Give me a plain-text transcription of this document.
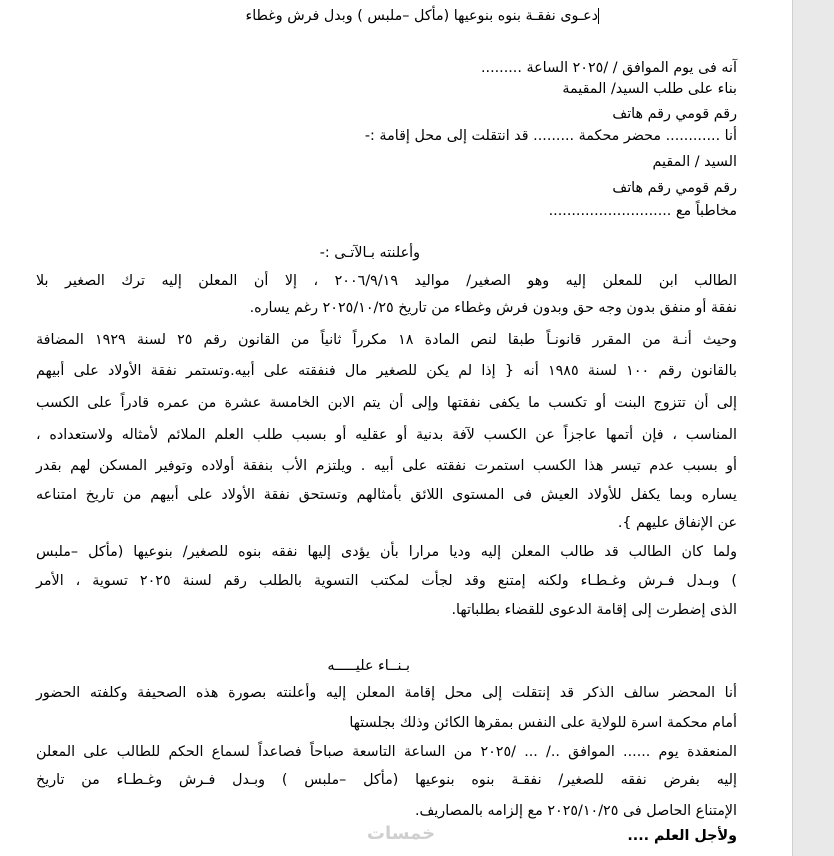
دعـوى نفقـة بنوه بنوعيها (مأكل –ملبس ) وبدل فرش وغطاء

آنه فى يوم الموافق / /٢٠٢٥ الساعة .........

بناء على طلب السيد/ المقيمة

رقم قومي رقم هاتف

أنا ............ محضر محكمة ......... قد انتقلت إلى محل إقامة :-

السيد / المقيم

رقم قومي رقم هاتف

مخاطباً مع ...........................

وأعلنته بـالآتـى :-

الطالب ابن للمعلن إليه وهو الصغير/ مواليد ٢٠٠٦/٩/١٩ ، إلا أن المعلن إليه ترك الصغير بلا

نفقة أو منفق بدون وجه حق وبدون فرش وغطاء من تاريخ ٢٠٢٥/١٠/٢٥ رغم يساره.

وحيث أنـة من المقرر قانونـاً طبقا لنص المادة ١٨ مكرراً ثانياً من القانون رقم ٢٥ لسنة ١٩٢٩ المضافة

بالقانون رقم ١٠٠ لسنة ١٩٨٥ أنه { إذا لم يكن للصغير مال فنفقته على أبيه.وتستمر نفقة الأولاد على أبيهم

إلى أن تتزوج البنت أو تكسب ما يكفى نفقتها وإلى أن يتم الابن الخامسة عشرة من عمره قادراً على الكسب

المناسب ، فإن أتمها عاجزاً عن الكسب لآفة بدنية أو عقليه أو بسبب طلب العلم الملائم لأمثاله ولاستعداده ،

أو بسبب عدم تيسر هذا الكسب استمرت نفقته على أبيه . ويلتزم الأب بنفقة أولاده وتوفير المسكن لهم بقدر

يساره وبما يكفل للأولاد العيش فى المستوى اللائق بأمثالهم وتستحق نفقة الأولاد على أبيهم من تاريخ امتناعه

عن الإنفاق عليهم }.

ولما كان الطالب قد طالب المعلن إليه وديا مرارا بأن يؤدى إليها نفقه بنوه للصغير/ بنوعيها (مأكل –ملبس

) وبـدل فـرش وغـطـاء ولكنه إمتنع وقد لجأت لمكتب التسوية بالطلب رقم لسنة ٢٠٢٥ تسوية ، الأمر

الذى إضطرت إلى إقامة الدعوى للقضاء بطلباتها.

بـنــاء عليـــــه

أنا المحضر سالف الذكر قد إنتقلت إلى محل إقامة المعلن إليه وأعلنته بصورة هذه الصحيفة وكلفته الحضور

أمام محكمة اسرة للولاية على النفس بمقرها الكائن وذلك بجلستها

المنعقدة يوم ...... الموافق ../ ... /٢٠٢٥ من الساعة التاسعة صباحاً فصاعداً لسماع الحكم للطالب على المعلن

إليه بفرض نفقه للصغير/ نفقـة بنوه بنوعيها (مأكل –ملبس ) وبـدل فـرش وغـطـاء من تاريخ

الإمتناع الحاصل فى ٢٠٢٥/١٠/٢٥ مع إلزامه بالمصاريف.

ولأجل العلم ....

خمسات
